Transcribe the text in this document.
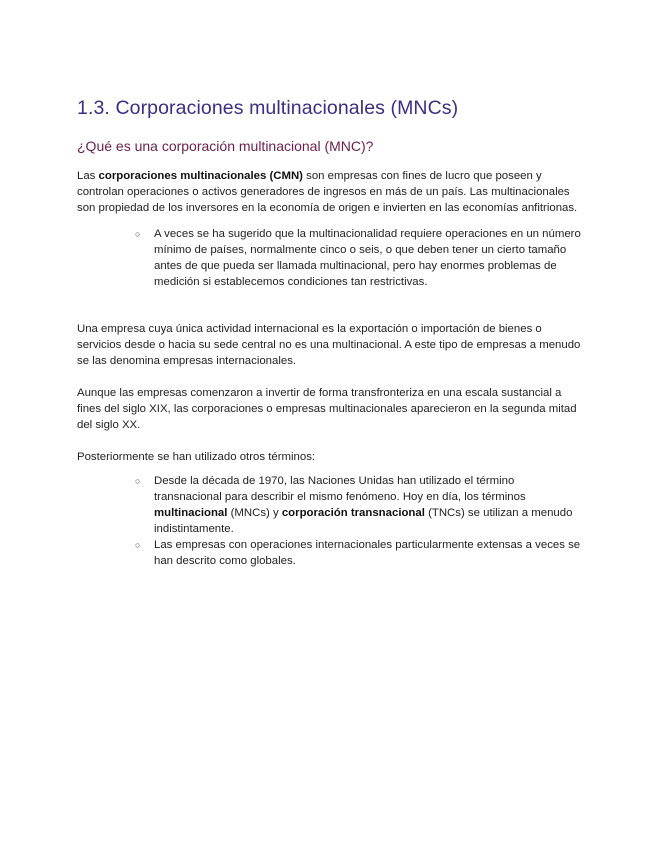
1.3. Corporaciones multinacionales (MNCs)
¿Qué es una corporación multinacional (MNC)?

Las corporaciones multinacionales (CMN) son empresas con fines de lucro que poseen y controlan operaciones o activos generadores de ingresos en más de un país. Las multinacionales son propiedad de los inversores en la economía de origen e invierten en las economías anfitrionas.

○ A veces se ha sugerido que la multinacionalidad requiere operaciones en un número mínimo de países, normalmente cinco o seis, o que deben tener un cierto tamaño antes de que pueda ser llamada multinacional, pero hay enormes problemas de medición si establecemos condiciones tan restrictivas.

Una empresa cuya única actividad internacional es la exportación o importación de bienes o servicios desde o hacia su sede central no es una multinacional. A este tipo de empresas a menudo se las denomina empresas internacionales.

Aunque las empresas comenzaron a invertir de forma transfronteriza en una escala sustancial a fines del siglo XIX, las corporaciones o empresas multinacionales aparecieron en la segunda mitad del siglo XX.

Posteriormente se han utilizado otros términos:

○ Desde la década de 1970, las Naciones Unidas han utilizado el término transnacional para describir el mismo fenómeno. Hoy en día, los términos multinacional (MNCs) y corporación transnacional (TNCs) se utilizan a menudo indistintamente.
○ Las empresas con operaciones internacionales particularmente extensas a veces se han descrito como globales.
